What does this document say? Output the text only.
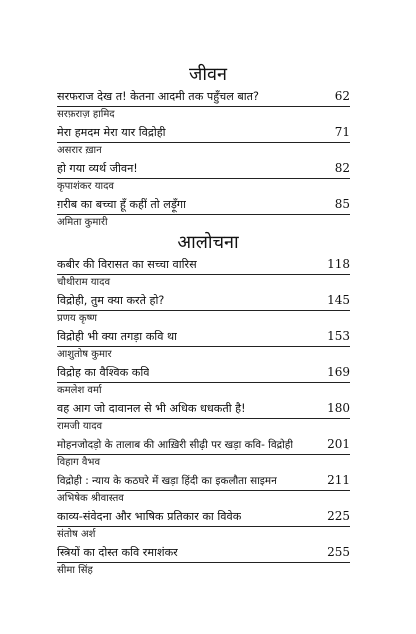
जीवन
सरफराज देख त! केतना आदमी तक पहुँचल बात?	62
सरफ़राज़ हामिद
मेरा हमदम मेरा यार विद्रोही	71
असरार ख़ान
हो गया व्यर्थ जीवन!	82
कृपाशंकर यादव
ग़रीब का बच्चा हूँ कहीं तो लड़ूँगा	85
अमिता कुमारी
आलोचना
कबीर की विरासत का सच्चा वारिस	118
चौथीराम यादव
विद्रोही, तुम क्या करते हो?	145
प्रणय कृष्ण
विद्रोही भी क्या तगड़ा कवि था	153
आशुतोष कुमार
विद्रोह का वैश्विक कवि	169
कमलेश वर्मा
वह आग जो दावानल से भी अधिक धधकती है!	180
रामजी यादव
मोहनजोदड़ो के तालाब की आख़िरी सीढ़ी पर खड़ा कवि- विद्रोही	201
विहाग वैभव
विद्रोही : न्याय के कठघरे में खड़ा हिंदी का इकलौता साइमन	211
अभिषेक श्रीवास्तव
काव्य-संवेदना और भाषिक प्रतिकार का विवेक	225
संतोष अर्श
स्त्रियों का दोस्त कवि रमाशंकर	255
सीमा सिंह
